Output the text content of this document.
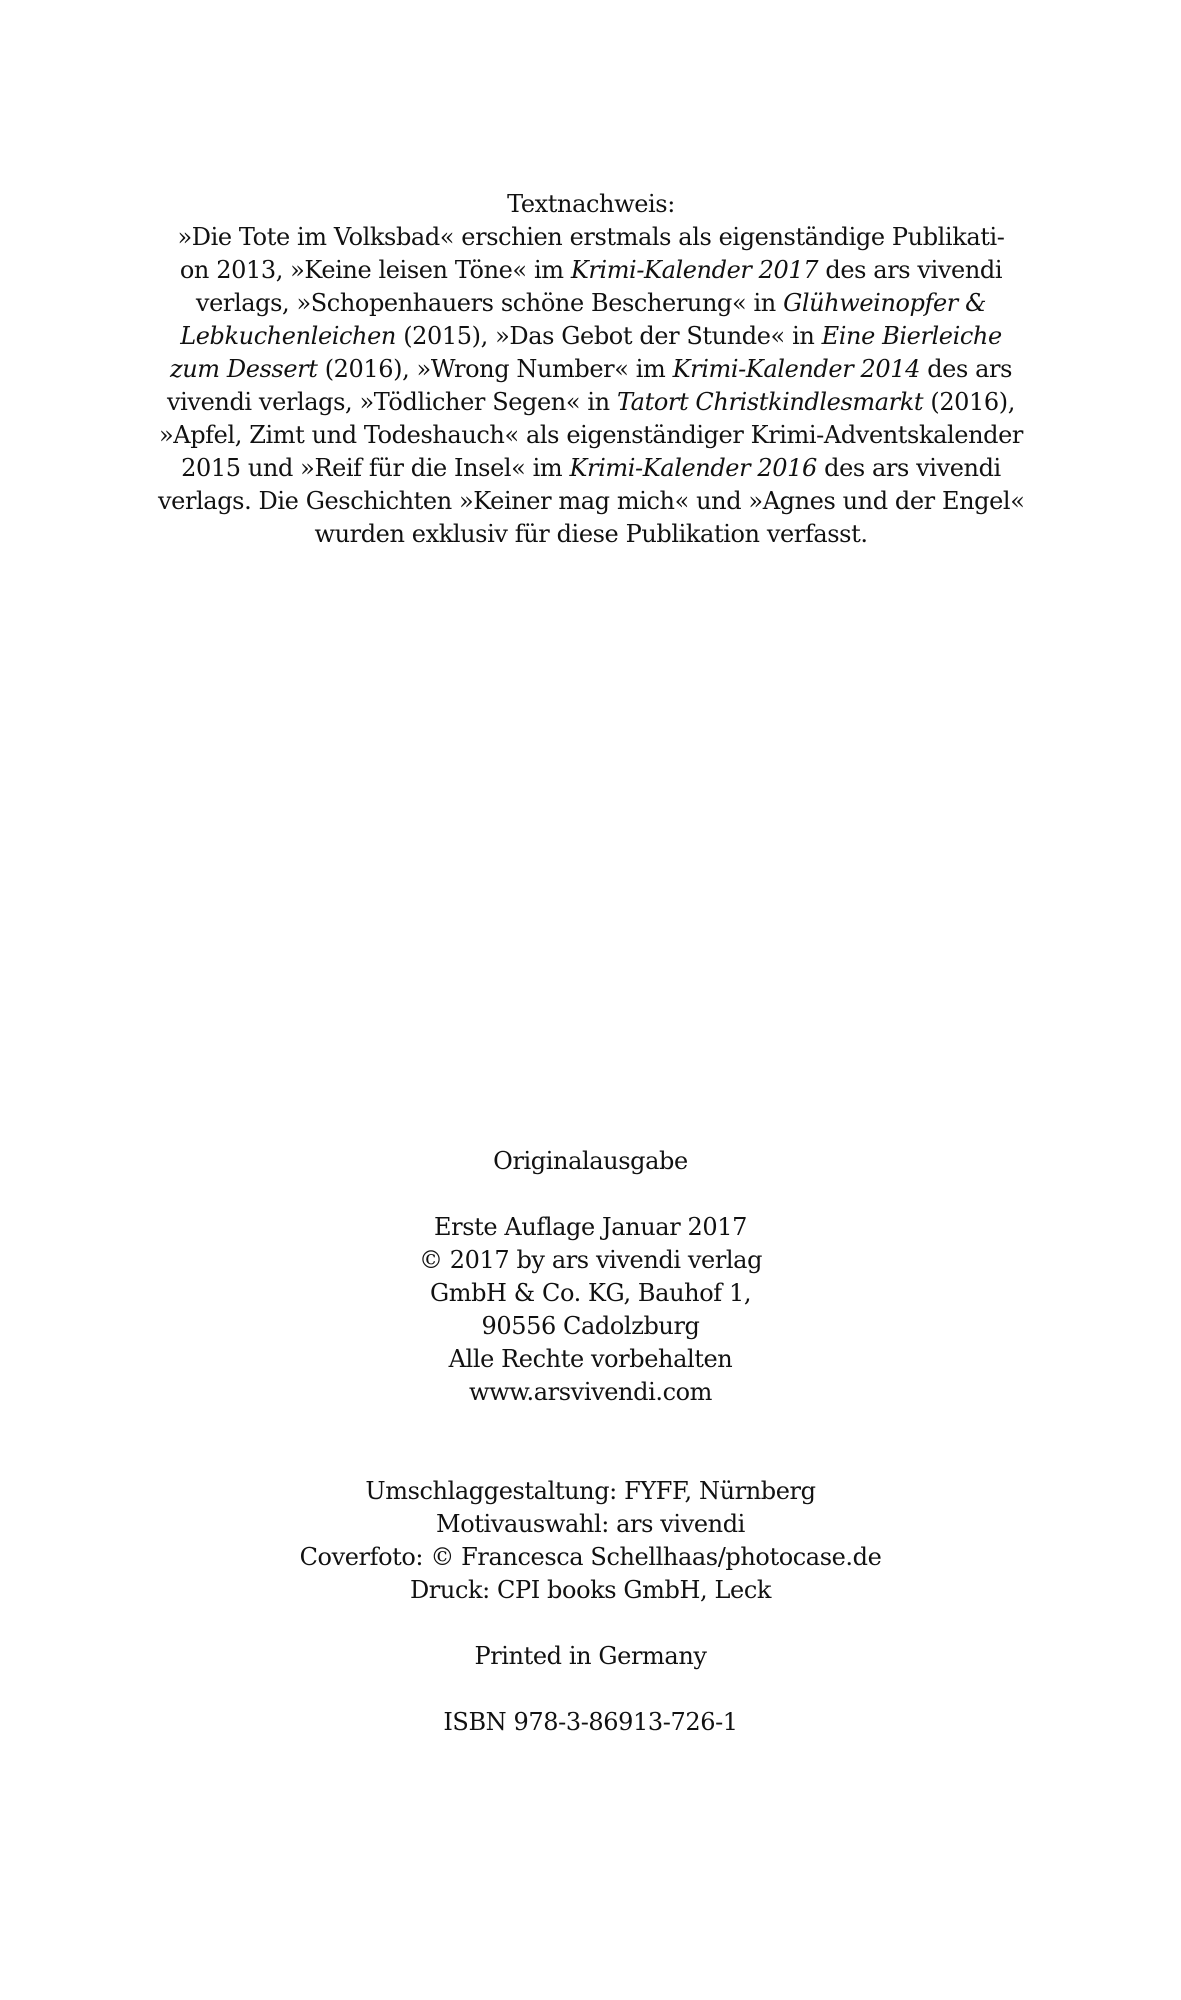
Textnachweis:
»Die Tote im Volksbad« erschien erstmals als eigenständige Publikati-
on 2013, »Keine leisen Töne« im Krimi-Kalender 2017 des ars vivendi
verlags, »Schopenhauers schöne Bescherung« in Glühweinopfer &
Lebkuchenleichen (2015), »Das Gebot der Stunde« in Eine Bierleiche
zum Dessert (2016), »Wrong Number« im Krimi-Kalender 2014 des ars
vivendi verlags, »Tödlicher Segen« in Tatort Christkindlesmarkt (2016),
»Apfel, Zimt und Todeshauch« als eigenständiger Krimi-Adventskalender
2015 und »Reif für die Insel« im Krimi-Kalender 2016 des ars vivendi
verlags. Die Geschichten »Keiner mag mich« und »Agnes und der Engel«
wurden exklusiv für diese Publikation verfasst.
Originalausgabe
Erste Auflage Januar 2017
© 2017 by ars vivendi verlag
GmbH & Co. KG, Bauhof 1,
90556 Cadolzburg
Alle Rechte vorbehalten
www.arsvivendi.com
Umschlaggestaltung: FYFF, Nürnberg
Motivauswahl: ars vivendi
Coverfoto: © Francesca Schellhaas/photocase.de
Druck: CPI books GmbH, Leck
Printed in Germany
ISBN 978-3-86913-726-1
